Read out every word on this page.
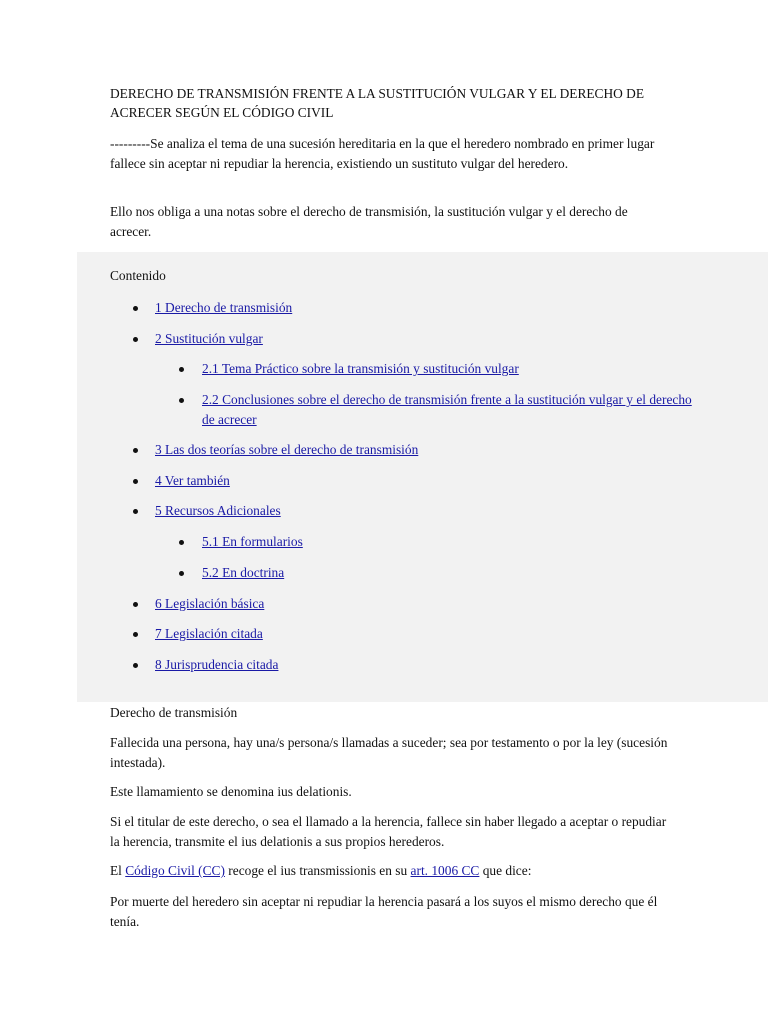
DERECHO DE TRANSMISIÓN FRENTE A LA SUSTITUCIÓN VULGAR Y EL DERECHO DE ACRECER SEGÚN EL CÓDIGO CIVIL

---------Se analiza el tema de una sucesión hereditaria en la que el heredero nombrado en primer lugar fallece sin aceptar ni repudiar la herencia, existiendo un sustituto vulgar del heredero.

Ello nos obliga a una notas sobre el derecho de transmisión, la sustitución vulgar y el derecho de acrecer.

Contenido

1 Derecho de transmisión
2 Sustitución vulgar
2.1 Tema Práctico sobre la transmisión y sustitución vulgar
2.2 Conclusiones sobre el derecho de transmisión frente a la sustitución vulgar y el derecho
de acrecer
3 Las dos teorías sobre el derecho de transmisión
4 Ver también
5 Recursos Adicionales
5.1 En formularios
5.2 En doctrina
6 Legislación básica
7 Legislación citada
8 Jurisprudencia citada

Derecho de transmisión

Fallecida una persona, hay una/s persona/s llamadas a suceder; sea por testamento o por la ley (sucesión intestada).

Este llamamiento se denomina ius delationis.

Si el titular de este derecho, o sea el llamado a la herencia, fallece sin haber llegado a aceptar o repudiar la herencia, transmite el ius delationis a sus propios herederos.

El Código Civil (CC) recoge el ius transmissionis en su art. 1006 CC que dice:

Por muerte del heredero sin aceptar ni repudiar la herencia pasará a los suyos el mismo derecho que él tenía.
